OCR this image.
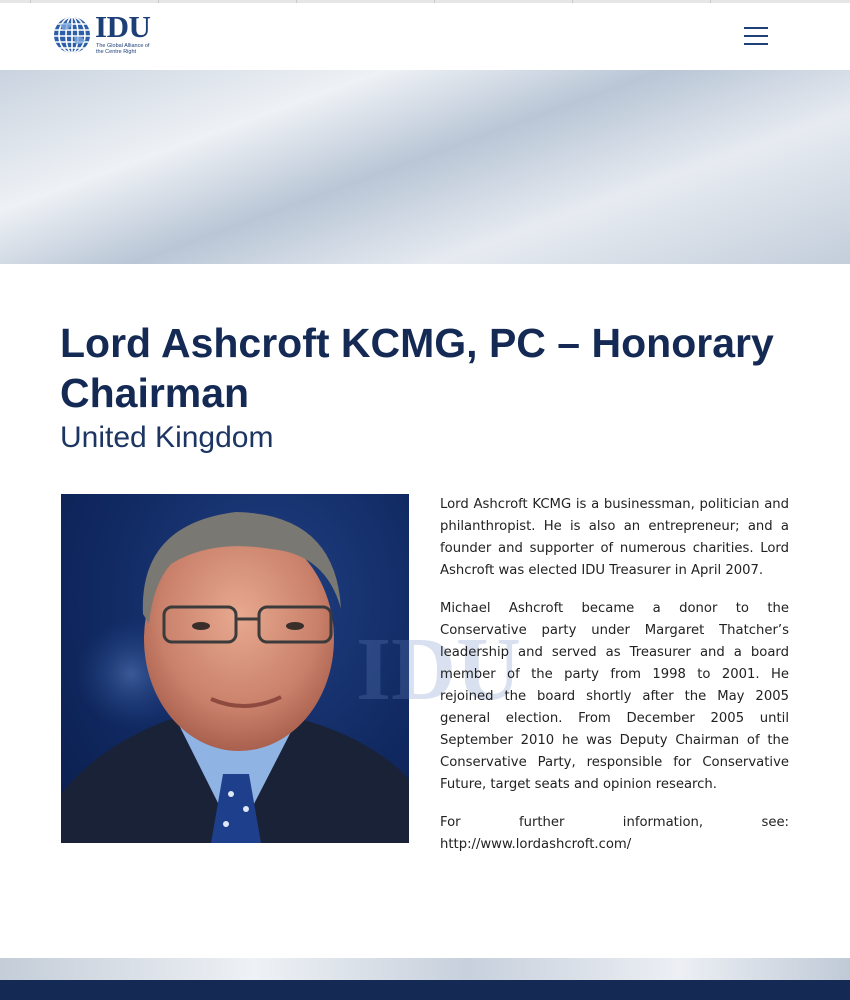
IDU
The Global Alliance of the Centre Right
Lord Ashcroft KCMG, PC – Honorary Chairman
United Kingdom
IDU

Lord Ashcroft KCMG is a businessman, politician and philanthropist. He is also an entrepreneur; and a founder and supporter of numerous charities. Lord Ashcroft was elected IDU Treasurer in April 2007.

Michael Ashcroft became a donor to the Conservative party under Margaret Thatcher’s leadership and served as Treasurer and a board member of the party from 1998 to 2001. He rejoined the board shortly after the May 2005 general election. From December 2005 until September 2010 he was Deputy Chairman of the Conservative Party, responsible for Conservative Future, target seats and opinion research.

For further information, see: http://www.lordashcroft.com/
